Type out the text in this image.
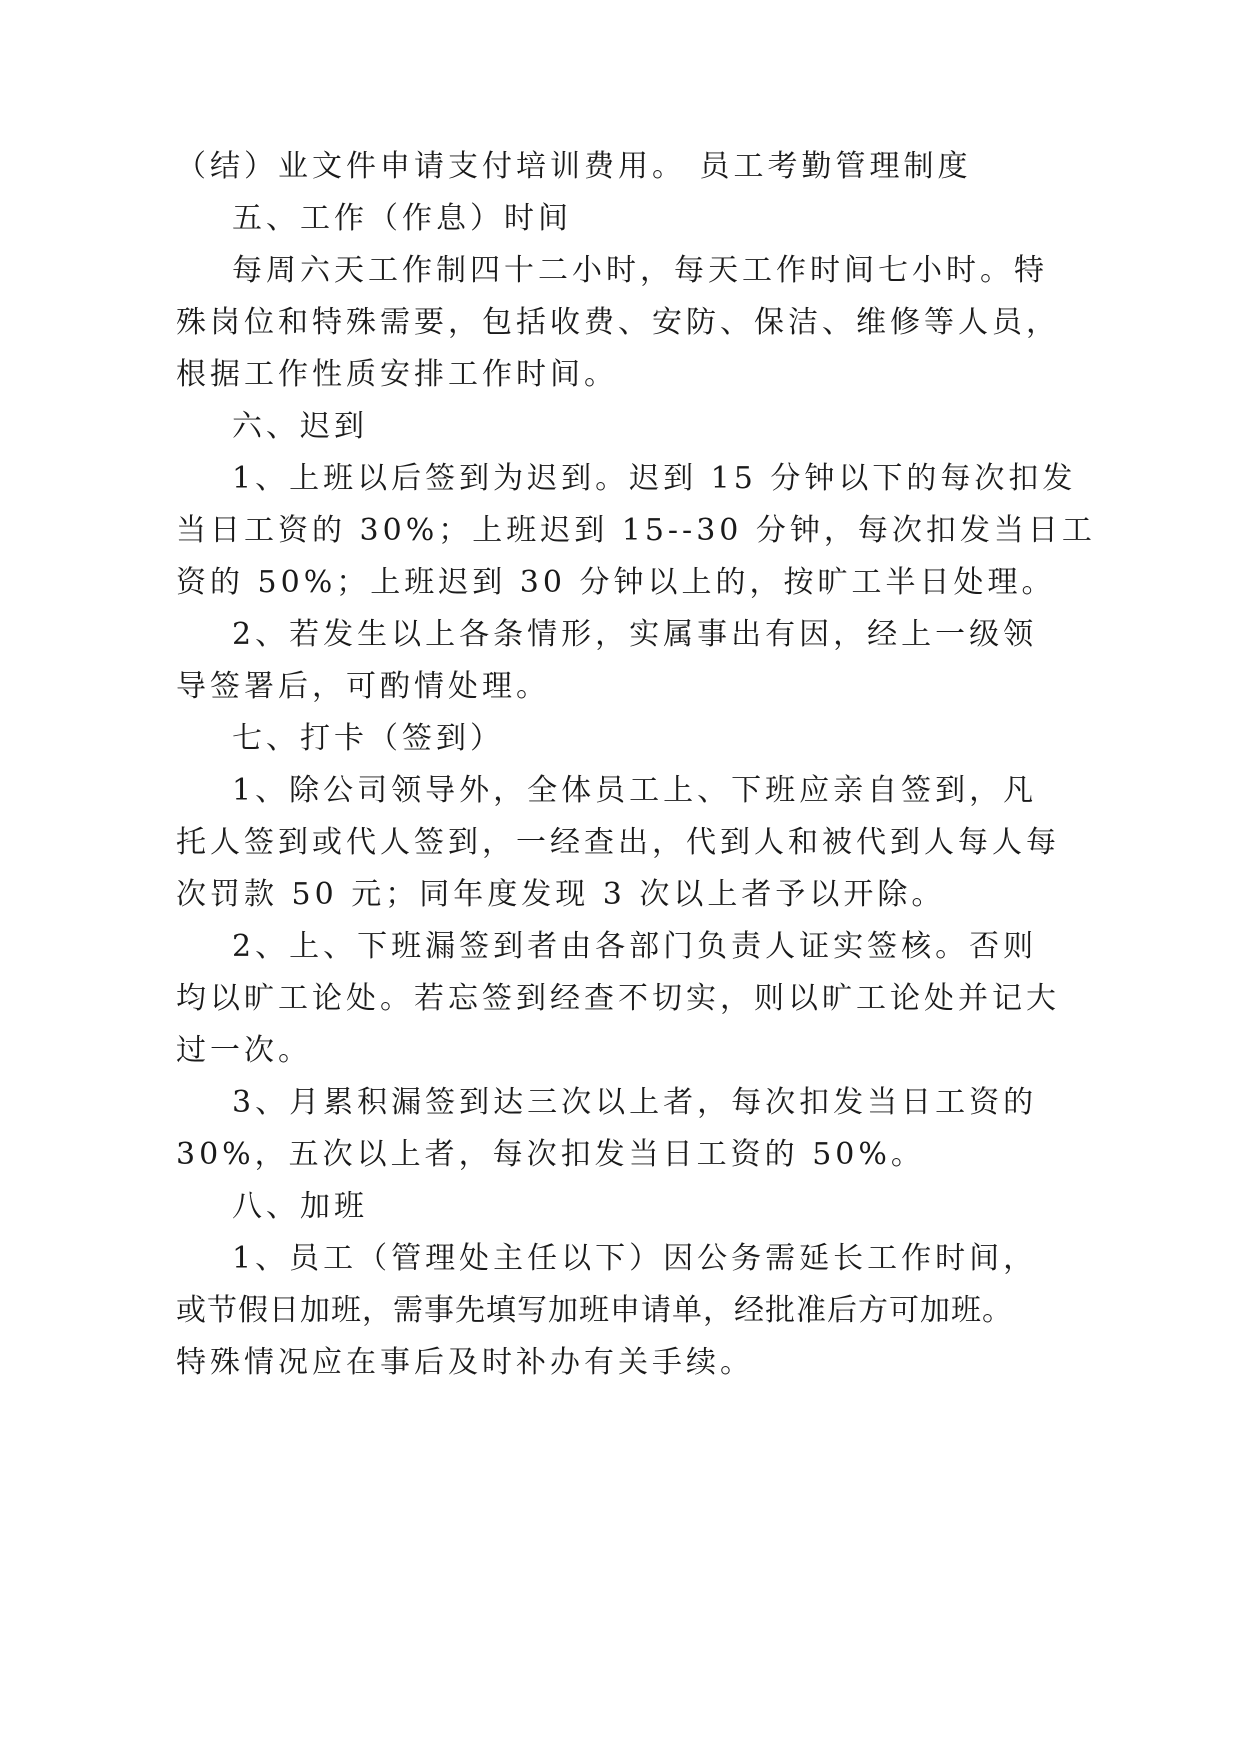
（结）业文件申请支付培训费用。 员工考勤管理制度
五、工作（作息）时间
每周六天工作制四十二小时，每天工作时间七小时。特
殊岗位和特殊需要，包括收费、安防、保洁、维修等人员，
根据工作性质安排工作时间。
六、迟到
1、上班以后签到为迟到。迟到 15 分钟以下的每次扣发
当日工资的 30%；上班迟到 15--30 分钟，每次扣发当日工
资的 50%；上班迟到 30 分钟以上的，按旷工半日处理。
2、若发生以上各条情形，实属事出有因，经上一级领
导签署后，可酌情处理。
七、打卡（签到）
1、除公司领导外，全体员工上、下班应亲自签到，凡
托人签到或代人签到，一经查出，代到人和被代到人每人每
次罚款 50 元；同年度发现 3 次以上者予以开除。
2、上、下班漏签到者由各部门负责人证实签核。否则
均以旷工论处。若忘签到经查不切实，则以旷工论处并记大
过一次。
3、月累积漏签到达三次以上者，每次扣发当日工资的
30%，五次以上者，每次扣发当日工资的 50%。
八、加班
1、员工（管理处主任以下）因公务需延长工作时间，
或节假日加班，需事先填写加班申请单，经批准后方可加班。
特殊情况应在事后及时补办有关手续。
